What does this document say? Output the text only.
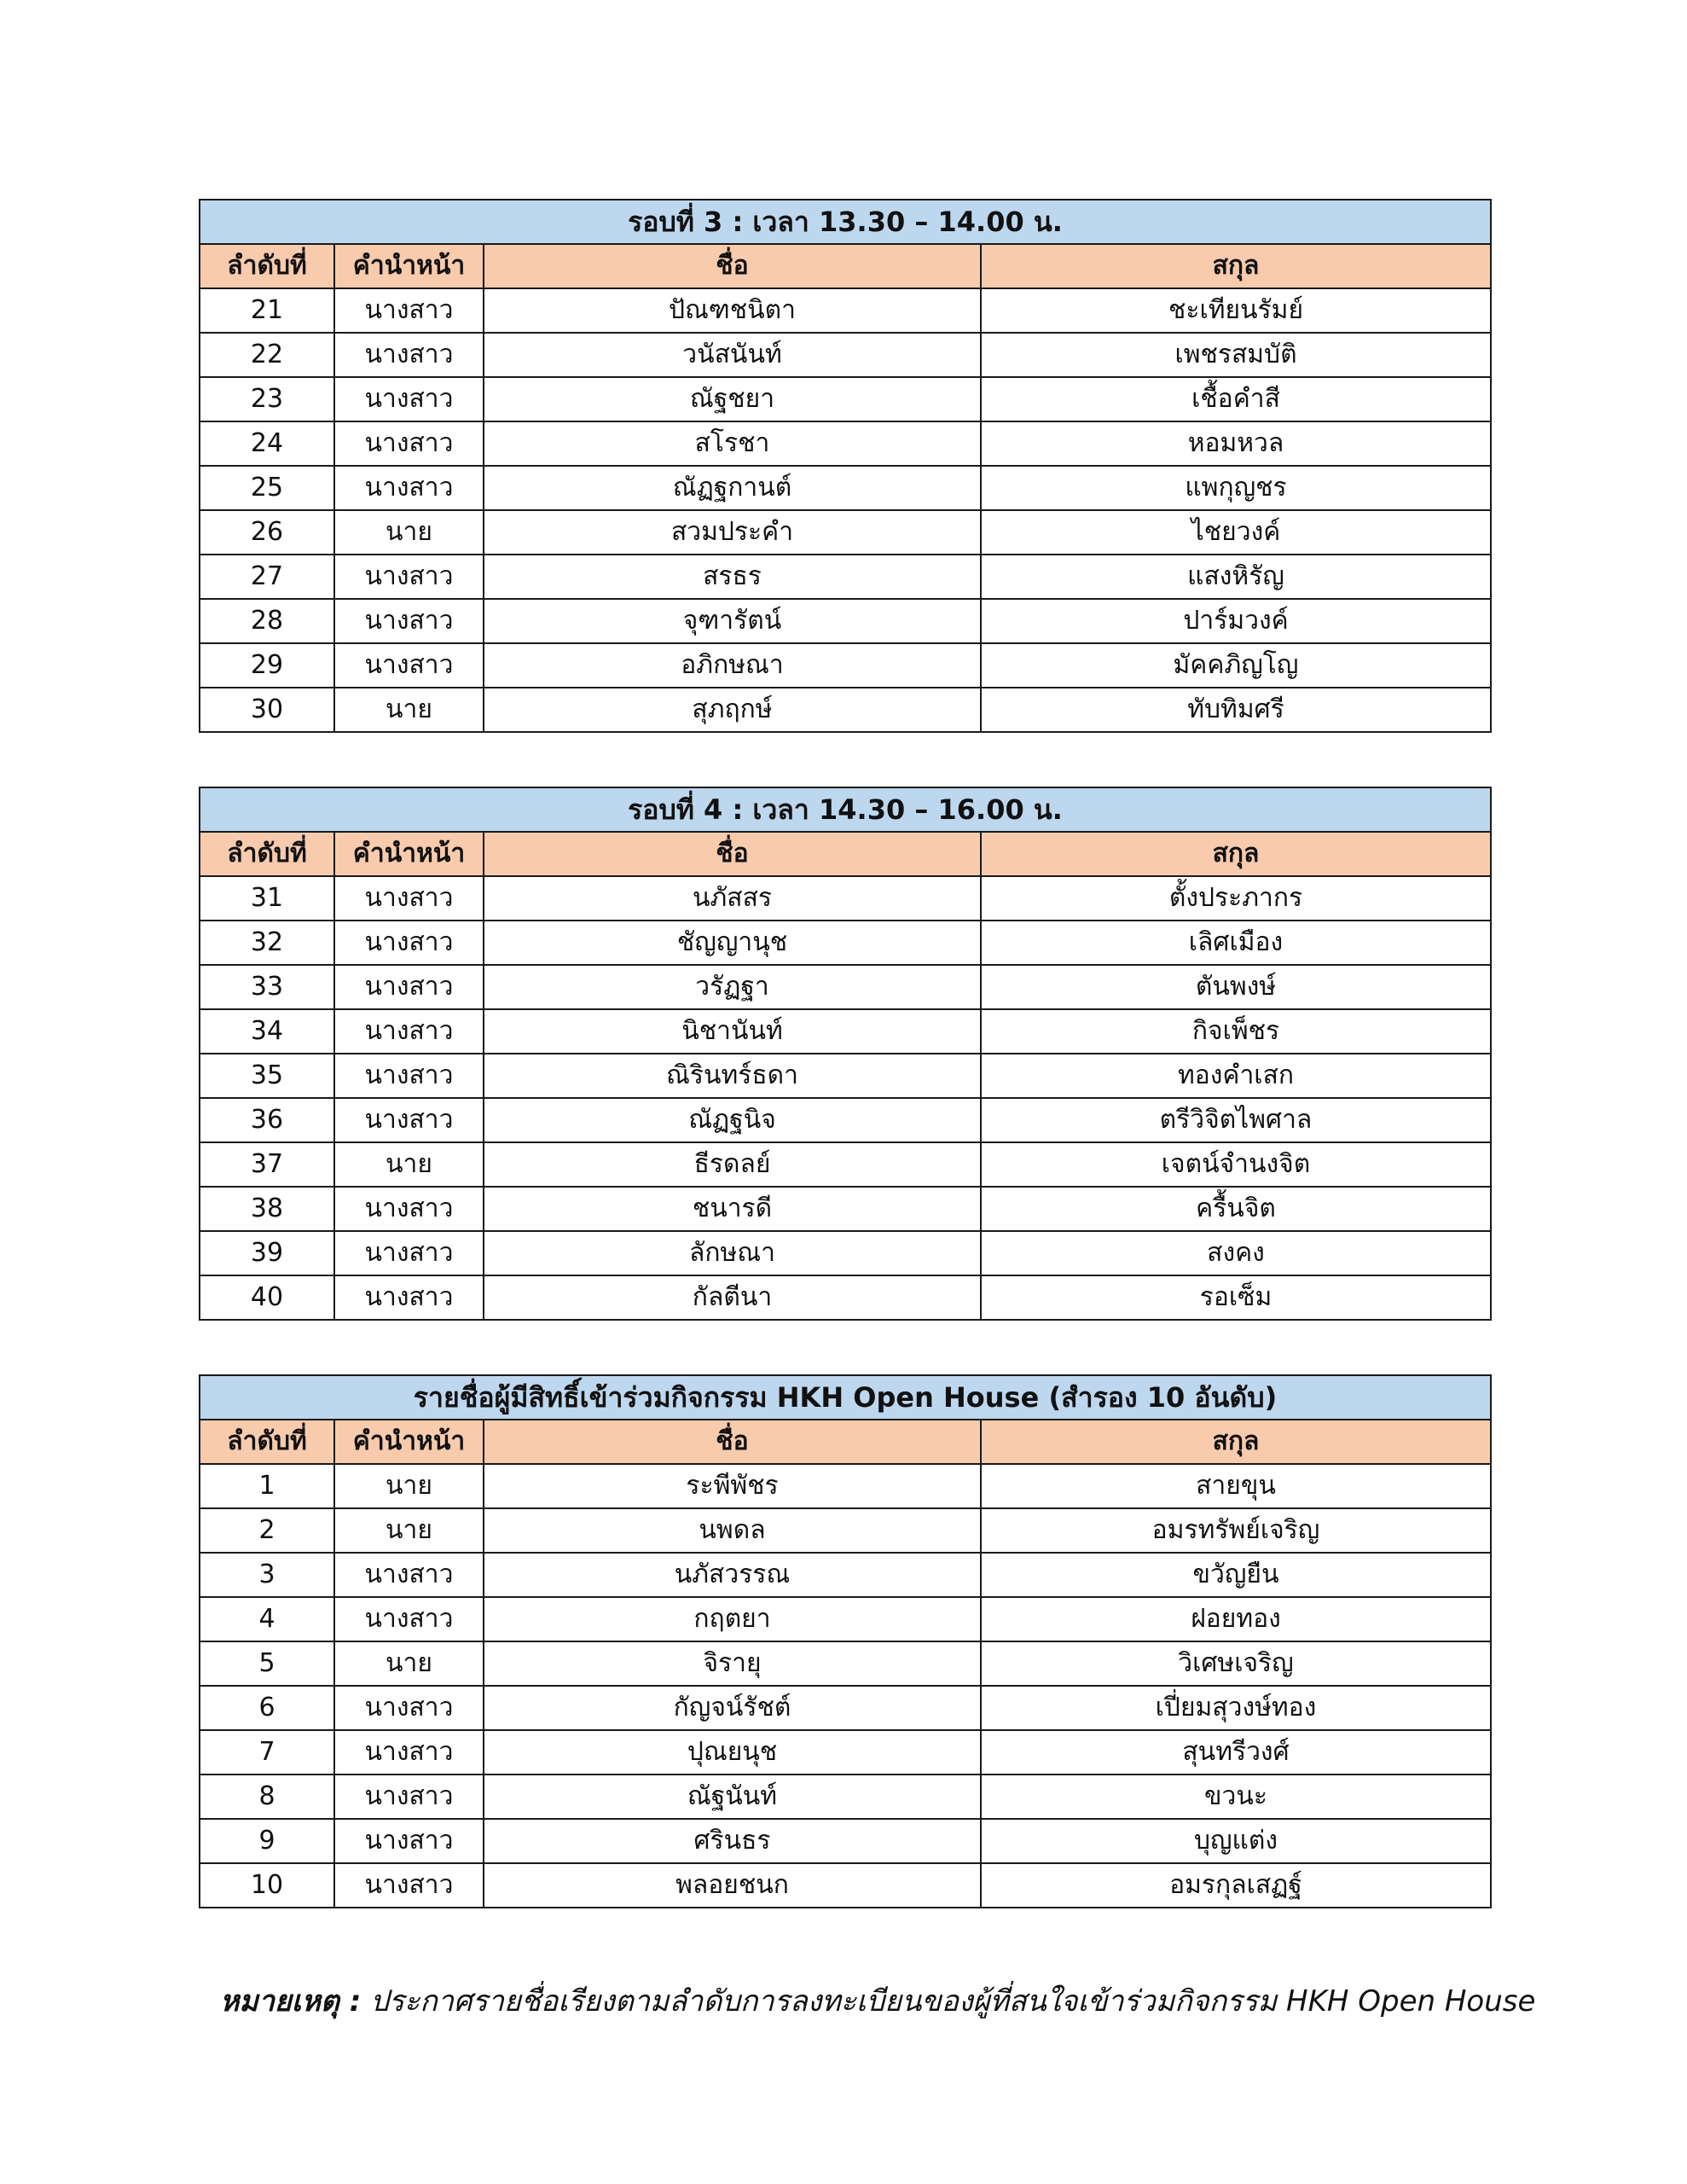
รอบที่ 3 : เวลา 13.30 – 14.00 น.			
ลำดับที่	คำนำหน้า	ชื่อ	สกุล
21	นางสาว	ปัณฑชนิตา	ชะเทียนรัมย์
22	นางสาว	วนัสนันท์	เพชรสมบัติ
23	นางสาว	ณัฐชยา	เชื้อคำสี
24	นางสาว	สโรชา	หอมหวล
25	นางสาว	ณัฏฐกานต์	แพกุญชร
26	นาย	สวมประคำ	ไชยวงค์
27	นางสาว	สรธร	แสงหิรัญ
28	นางสาว	จุฑารัตน์	ปาร์มวงค์
29	นางสาว	อภิกษณา	มัคคภิญโญ
30	นาย	สุภฤกษ์	ทับทิมศรี
รอบที่ 4 : เวลา 14.30 – 16.00 น.			
ลำดับที่	คำนำหน้า	ชื่อ	สกุล
31	นางสาว	นภัสสร	ตั้งประภากร
32	นางสาว	ชัญญานุช	เลิศเมือง
33	นางสาว	วรัฏฐา	ตันพงษ์
34	นางสาว	นิชานันท์	กิจเพ็ชร
35	นางสาว	ณิรินทร์ธดา	ทองคำเสก
36	นางสาว	ณัฏฐนิจ	ตรีวิจิตไพศาล
37	นาย	ธีรดลย์	เจตน์จำนงจิต
38	นางสาว	ชนารดี	ครื้นจิต
39	นางสาว	ลักษณา	สงคง
40	นางสาว	กัลตีนา	รอเซ็ม
รายชื่อผู้มีสิทธิ์เข้าร่วมกิจกรรม HKH Open House (สำรอง 10 อันดับ)			
ลำดับที่	คำนำหน้า	ชื่อ	สกุล
1	นาย	ระพีพัชร	สายขุน
2	นาย	นพดล	อมรทรัพย์เจริญ
3	นางสาว	นภัสวรรณ	ขวัญยืน
4	นางสาว	กฤตยา	ฝอยทอง
5	นาย	จิรายุ	วิเศษเจริญ
6	นางสาว	กัญจน์รัชต์	เปี่ยมสุวงษ์ทอง
7	นางสาว	ปุณยนุช	สุนทรีวงศ์
8	นางสาว	ณัฐนันท์	ขวนะ
9	นางสาว	ศรินธร	บุญแต่ง
10	นางสาว	พลอยชนก	อมรกุลเสฏฐ์
หมายเหตุ : ประกาศรายชื่อเรียงตามลำดับการลงทะเบียนของผู้ที่สนใจเข้าร่วมกิจกรรม HKH Open House
